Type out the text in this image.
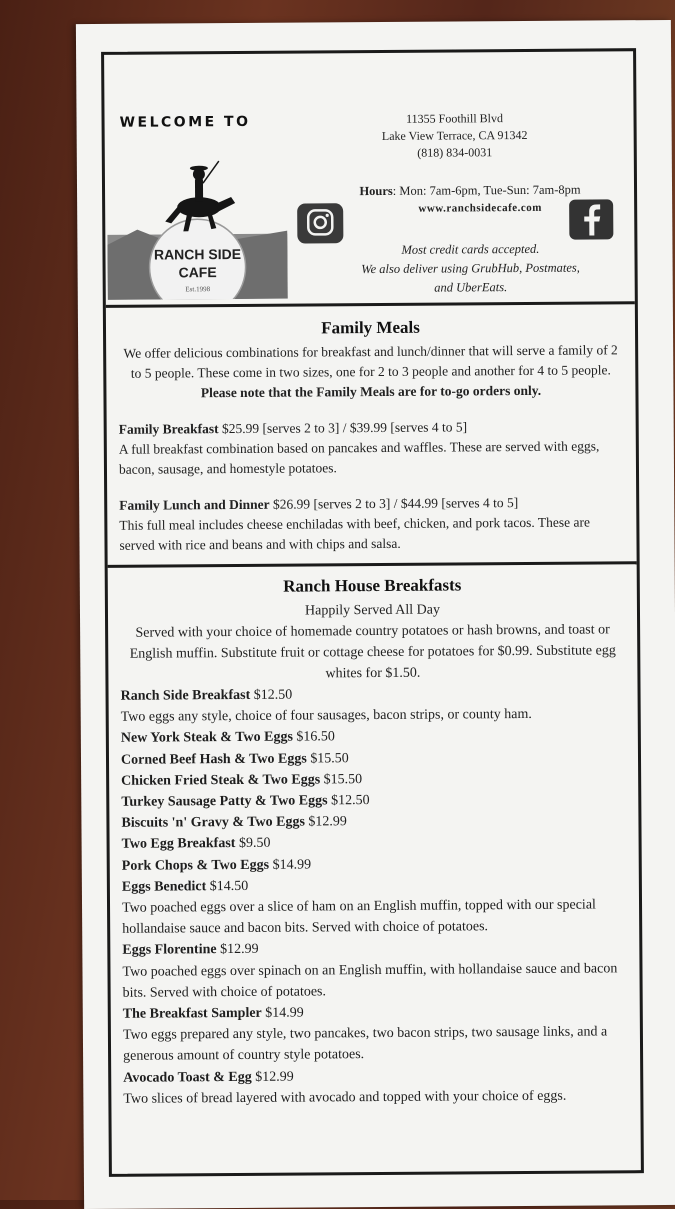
WELCOME TO
RANCH SIDE
CAFE
Est.1998
11355 Foothill Blvd
Lake View Terrace, CA 91342
(818) 834-0031
Hours: Mon: 7am-6pm, Tue-Sun: 7am-8pm
www.ranchsidecafe.com
Most credit cards accepted.
We also deliver using GrubHub, Postmates,
and UberEats.
Family Meals

We offer delicious combinations for breakfast and lunch/dinner that will serve a family of 2 to 5 people. These come in two sizes, one for 2 to 3 people and another for 4 to 5 people. Please note that the Family Meals are for to-go orders only.

Family Breakfast $25.99 [serves 2 to 3] / $39.99 [serves 4 to 5]
A full breakfast combination based on pancakes and waffles. These are served with eggs, bacon, sausage, and homestyle potatoes.
Family Lunch and Dinner $26.99 [serves 2 to 3] / $44.99 [serves 4 to 5]
This full meal includes cheese enchiladas with beef, chicken, and pork tacos. These are served with rice and beans and with chips and salsa.
Ranch House Breakfasts

Happily Served All Day

Served with your choice of homemade country potatoes or hash browns, and toast or English muffin. Substitute fruit or cottage cheese for potatoes for $0.99. Substitute egg whites for $1.50.

Ranch Side Breakfast $12.50
Two eggs any style, choice of four sausages, bacon strips, or county ham.
New York Steak & Two Eggs $16.50
Corned Beef Hash & Two Eggs $15.50
Chicken Fried Steak & Two Eggs $15.50
Turkey Sausage Patty & Two Eggs $12.50
Biscuits 'n' Gravy & Two Eggs $12.99
Two Egg Breakfast $9.50
Pork Chops & Two Eggs $14.99
Eggs Benedict $14.50
Two poached eggs over a slice of ham on an English muffin, topped with our special hollandaise sauce and bacon bits. Served with choice of potatoes.
Eggs Florentine $12.99
Two poached eggs over spinach on an English muffin, with hollandaise sauce and bacon bits. Served with choice of potatoes.
The Breakfast Sampler $14.99
Two eggs prepared any style, two pancakes, two bacon strips, two sausage links, and a generous amount of country style potatoes.
Avocado Toast & Egg $12.99
Two slices of bread layered with avocado and topped with your choice of eggs.
